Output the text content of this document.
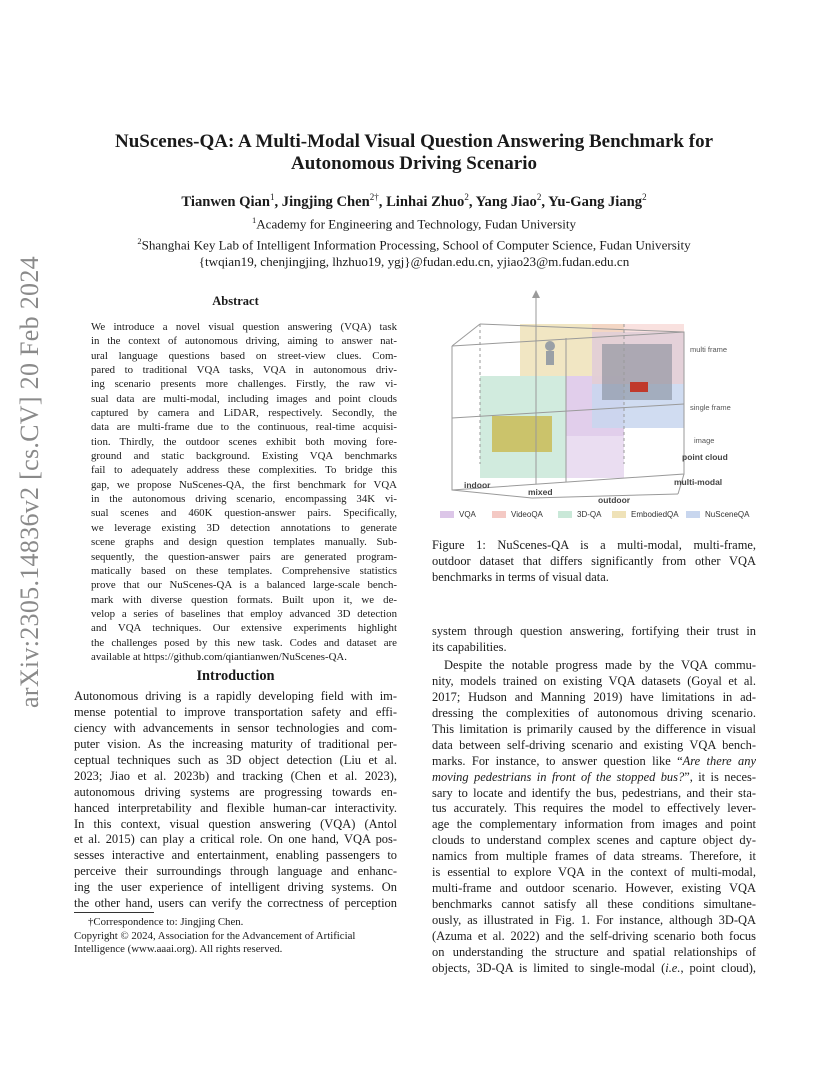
arXiv:2305.14836v2 [cs.CV] 20 Feb 2024
NuScenes-QA: A Multi-Modal Visual Question Answering Benchmark for
Autonomous Driving Scenario
Tianwen Qian$^1$, Jingjing Chen$^{2\dagger}$, Linhai Zhuo$^2$, Yang Jiao$^2$, Yu-Gang Jiang$^2$
$^1$Academy for Engineering and Technology, Fudan University
$^2$Shanghai Key Lab of Intelligent Information Processing, School of Computer Science, Fudan University
{twqian19, chenjingjing, lhzhuo19, ygj}@fudan.edu.cn, yjiao23@m.fudan.edu.cn
Abstract
We introduce a novel visual question answering (VQA) task
in the context of autonomous driving, aiming to answer nat-
ural language questions based on street-view clues. Com-
pared to traditional VQA tasks, VQA in autonomous driv-
ing scenario presents more challenges. Firstly, the raw vi-
sual data are multi-modal, including images and point clouds
captured by camera and LiDAR, respectively. Secondly, the
data are multi-frame due to the continuous, real-time acquisi-
tion. Thirdly, the outdoor scenes exhibit both moving fore-
ground and static background. Existing VQA benchmarks
fail to adequately address these complexities. To bridge this
gap, we propose NuScenes-QA, the first benchmark for VQA
in the autonomous driving scenario, encompassing 34K vi-
sual scenes and 460K question-answer pairs. Specifically,
we leverage existing 3D detection annotations to generate
scene graphs and design question templates manually. Sub-
sequently, the question-answer pairs are generated program-
matically based on these templates. Comprehensive statistics
prove that our NuScenes-QA is a balanced large-scale bench-
mark with diverse question formats. Built upon it, we de-
velop a series of baselines that employ advanced 3D detection
and VQA techniques. Our extensive experiments highlight
the challenges posed by this new task. Codes and dataset are
available at https://github.com/qiantianwen/NuScenes-QA.
Introduction
Autonomous driving is a rapidly developing field with im-
mense potential to improve transportation safety and effi-
ciency with advancements in sensor technologies and com-
puter vision. As the increasing maturity of traditional per-
ceptual techniques such as 3D object detection (Liu et al.
2023; Jiao et al. 2023b) and tracking (Chen et al. 2023),
autonomous driving systems are progressing towards en-
hanced interpretability and flexible human-car interactivity.
In this context, visual question answering (VQA) (Antol
et al. 2015) can play a critical role. On one hand, VQA pos-
sesses interactive and entertainment, enabling passengers to
perceive their surroundings through language and enhanc-
ing the user experience of intelligent driving systems. On
the other hand, users can verify the correctness of perception
†Correspondence to: Jingjing Chen.
Copyright © 2024, Association for the Advancement of Artificial
Intelligence (www.aaai.org). All rights reserved.
multi frame
single frame
image
point cloud
multi-modal
indoor
mixed
outdoor
VQA	VideoQA	3D-QA	EmbodiedQA	NuSceneQA
Figure 1: NuScenes-QA is a multi-modal, multi-frame,
outdoor dataset that differs significantly from other VQA
benchmarks in terms of visual data.
system through question answering, fortifying their trust in
its capabilities.
Despite the notable progress made by the VQA commu-
nity, models trained on existing VQA datasets (Goyal et al.
2017; Hudson and Manning 2019) have limitations in ad-
dressing the complexities of autonomous driving scenario.
This limitation is primarily caused by the difference in visual
data between self-driving scenario and existing VQA bench-
marks. For instance, to answer question like “Are there any
moving pedestrians in front of the stopped bus?”, it is neces-
sary to locate and identify the bus, pedestrians, and their sta-
tus accurately. This requires the model to effectively lever-
age the complementary information from images and point
clouds to understand complex scenes and capture object dy-
namics from multiple frames of data streams. Therefore, it
is essential to explore VQA in the context of multi-modal,
multi-frame and outdoor scenario. However, existing VQA
benchmarks cannot satisfy all these conditions simultane-
ously, as illustrated in Fig. 1. For instance, although 3D-QA
(Azuma et al. 2022) and the self-driving scenario both focus
on understanding the structure and spatial relationships of
objects, 3D-QA is limited to single-modal (i.e., point cloud),
